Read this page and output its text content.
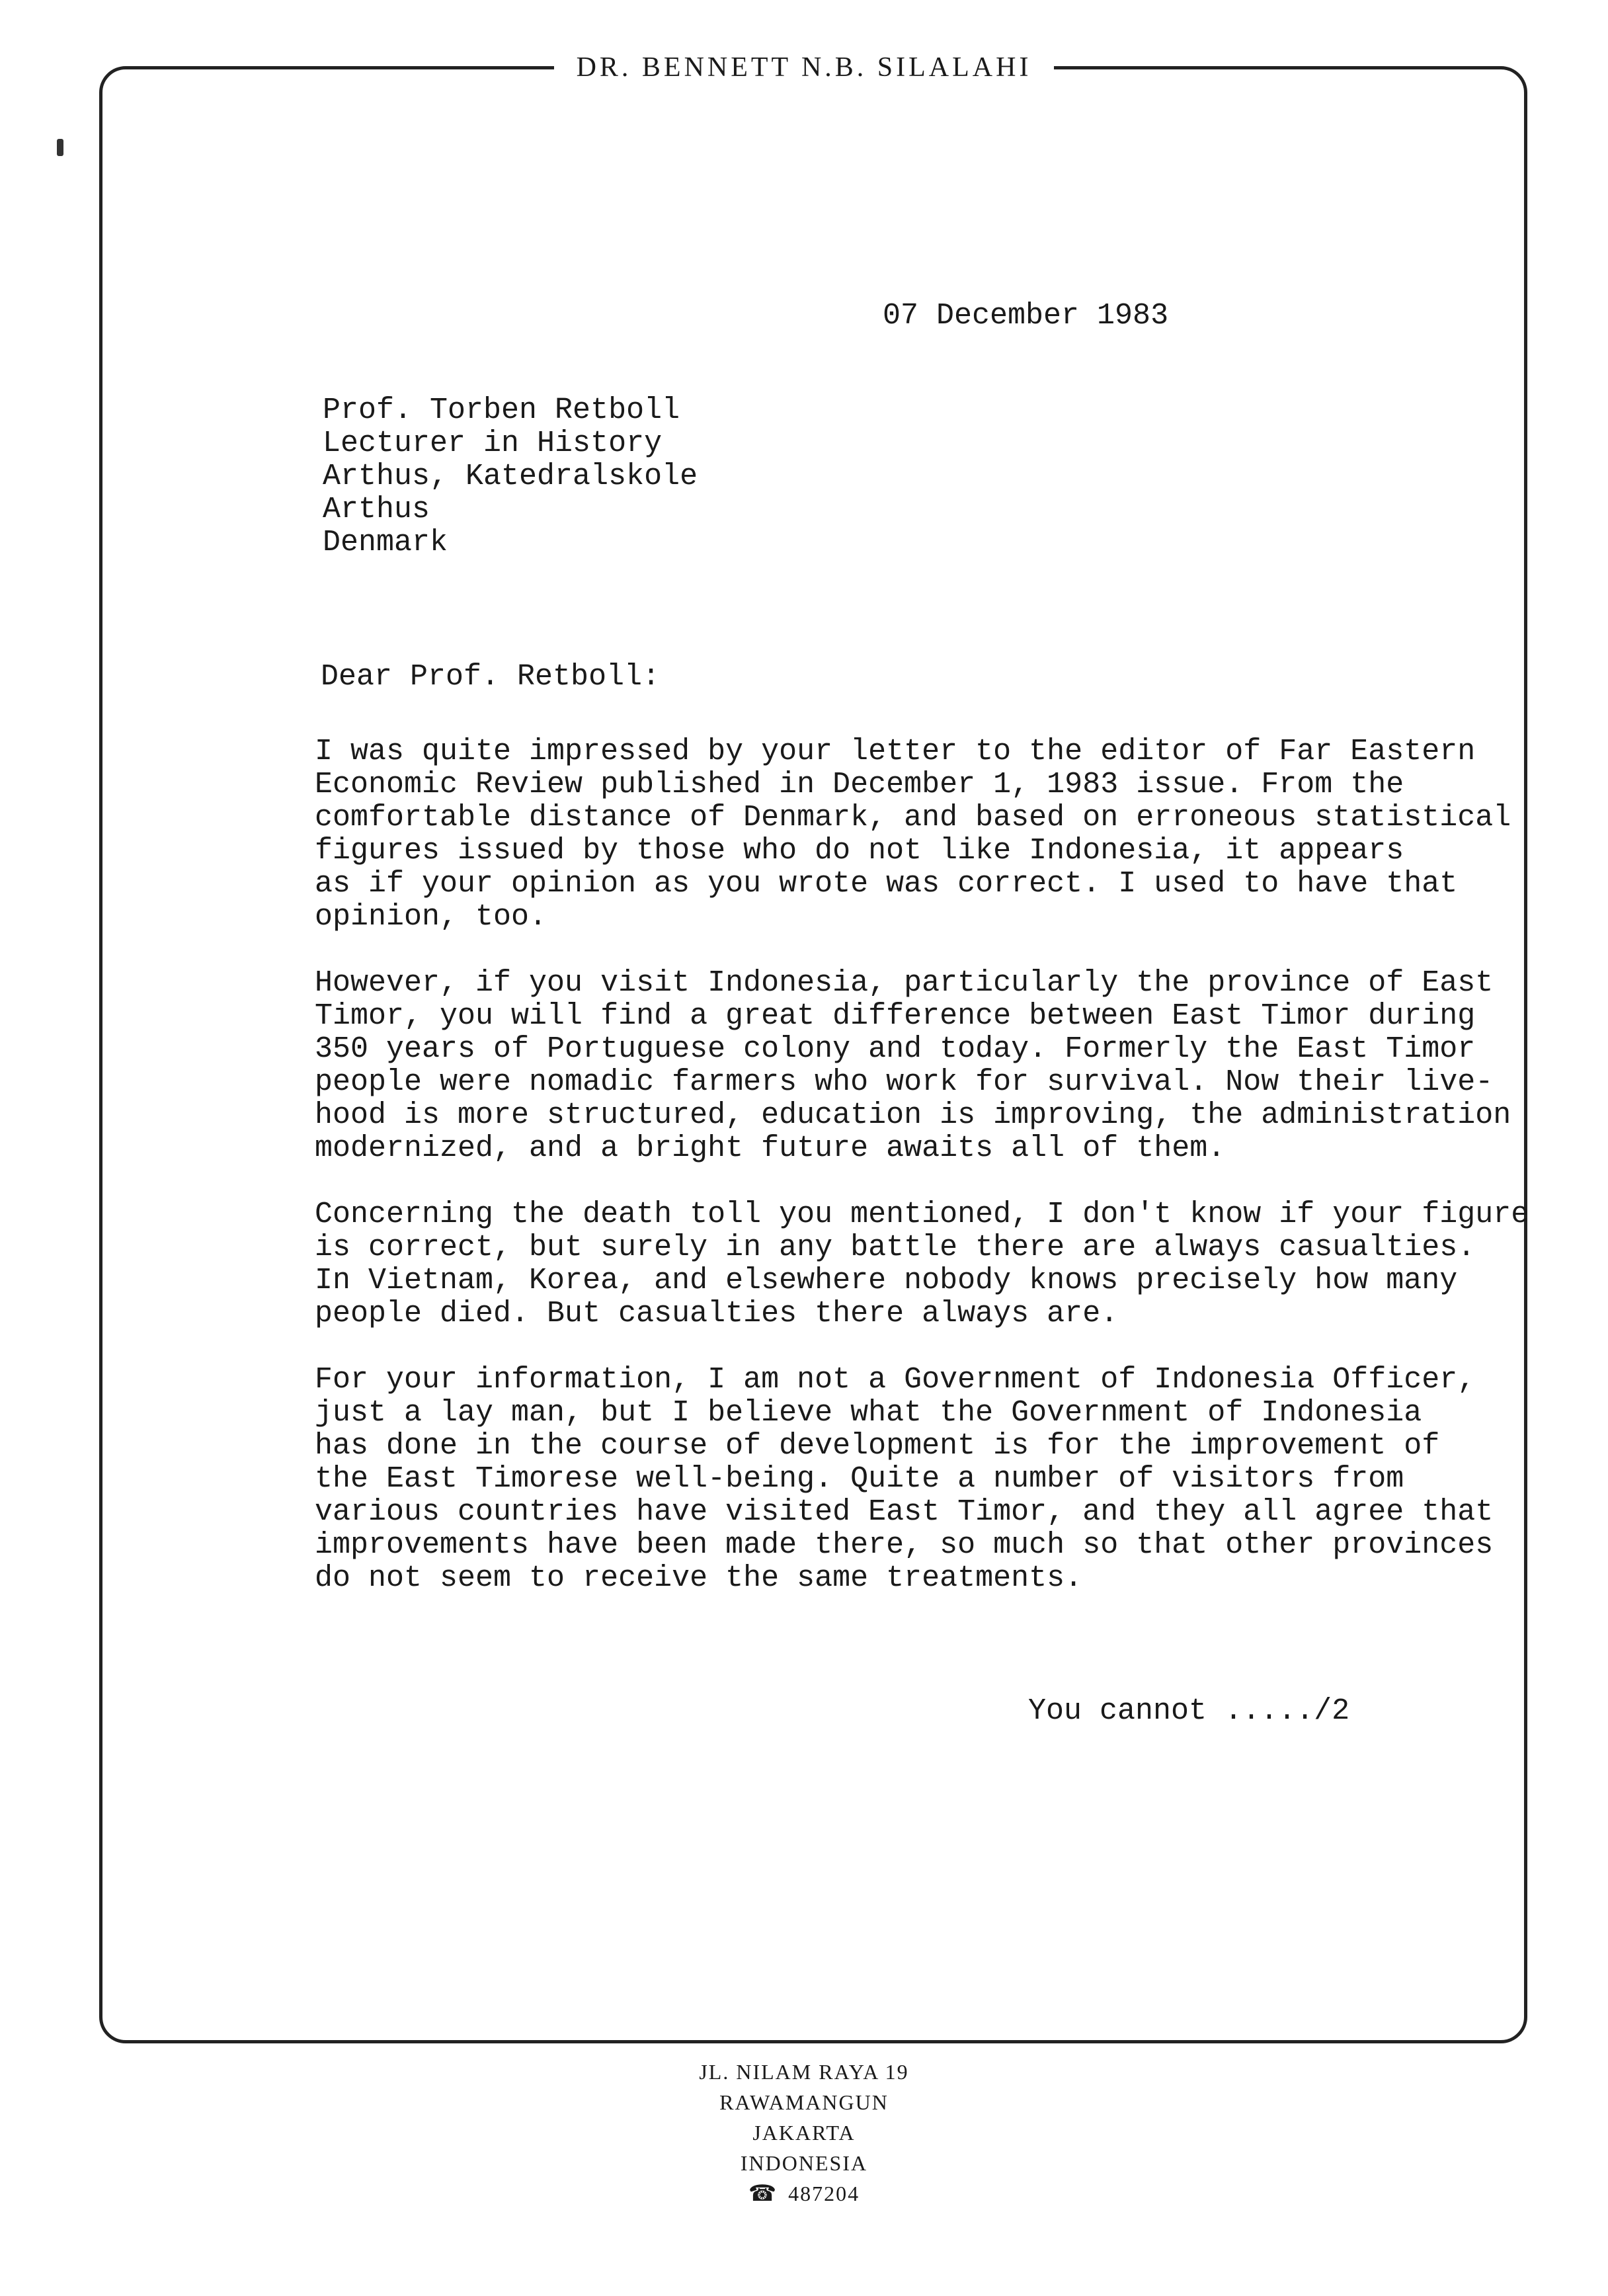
DR. BENNETT N.B. SILALAHI
07 December 1983
Prof. Torben Retboll
Lecturer in History
Arthus, Katedralskole
Arthus
Denmark
Dear Prof. Retboll:
I was quite impressed by your letter to the editor of Far Eastern
Economic Review published in December 1, 1983 issue. From the
comfortable distance of Denmark, and based on erroneous statistical
figures issued by those who do not like Indonesia, it appears
as if your opinion as you wrote was correct. I used to have that
opinion, too.
However, if you visit Indonesia, particularly the province of East
Timor, you will find a great difference between East Timor during
350 years of Portuguese colony and today. Formerly the East Timor
people were nomadic farmers who work for survival. Now their live-
hood is more structured, education is improving, the administration
modernized, and a bright future awaits all of them.
Concerning the death toll you mentioned, I don't know if your figure
is correct, but surely in any battle there are always casualties.
In Vietnam, Korea, and elsewhere nobody knows precisely how many
people died. But casualties there always are.
For your information, I am not a Government of Indonesia Officer,
just a lay man, but I believe what the Government of Indonesia
has done in the course of development is for the improvement of
the East Timorese well-being. Quite a number of visitors from
various countries have visited East Timor, and they all agree that
improvements have been made there, so much so that other provinces
do not seem to receive the same treatments.
You cannot ...../2
JL. NILAM RAYA 19
RAWAMANGUN
JAKARTA
INDONESIA
☎ 487204
